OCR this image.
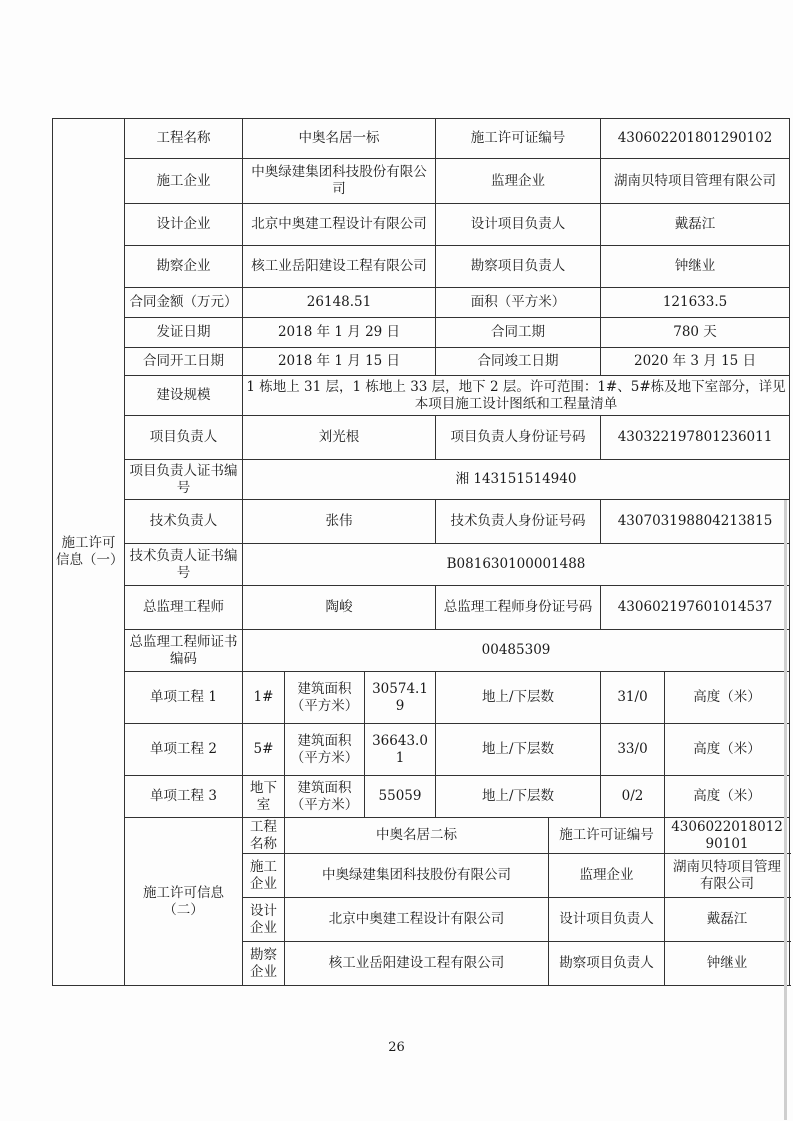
施工许可信息（一）	工程名称	中奥名居一标			施工许可证编号		430602201801290102		
	施工企业	中奥绿建集团科技股份有限公司			监理企业		湖南贝特项目管理有限公司		
	设计企业	北京中奥建工程设计有限公司			设计项目负责人		戴磊江		
	勘察企业	核工业岳阳建设工程有限公司			勘察项目负责人		钟继业		
	合同金额（万元）	26148.51			面积（平方米）		121633.5		
	发证日期	2018 年 1 月 29 日			合同工期		780 天		
	合同开工日期	2018 年 1 月 15 日			合同竣工日期		2020 年 3 月 15 日		
	建设规模	1 栋地上 31 层，1 栋地上 33 层，地下 2 层。许可范围：1#、5#栋及地下室部分，详见本项目施工设计图纸和工程量清单							
	项目负责人	刘光根			项目负责人身份证号码		430322197801236011		
	项目负责人证书编号	湘 143151514940							
	技术负责人	张伟			技术负责人身份证号码		430703198804213815		
	技术负责人证书编号	B081630100001488							
	总监理工程师	陶峻			总监理工程师身份证号码		430602197601014537		
	总监理工程师证书编码	00485309							
	单项工程 1	1#	建筑面积（平方米）	30574.19	地上/下层数		31/0	高度（米）	
	单项工程 2	5#	建筑面积（平方米）	36643.01	地上/下层数		33/0	高度（米）	
	单项工程 3	地下室	建筑面积（平方米）	55059	地上/下层数		0/2	高度（米）	
	施工许可信息（二）	工程名称	中奥名居二标			施工许可证编号		430602201801290101	
		施工企业	中奥绿建集团科技股份有限公司			监理企业		湖南贝特项目管理有限公司	
		设计企业	北京中奥建工程设计有限公司			设计项目负责人		戴磊江	
		勘察企业	核工业岳阳建设工程有限公司			勘察项目负责人		钟继业	
26
